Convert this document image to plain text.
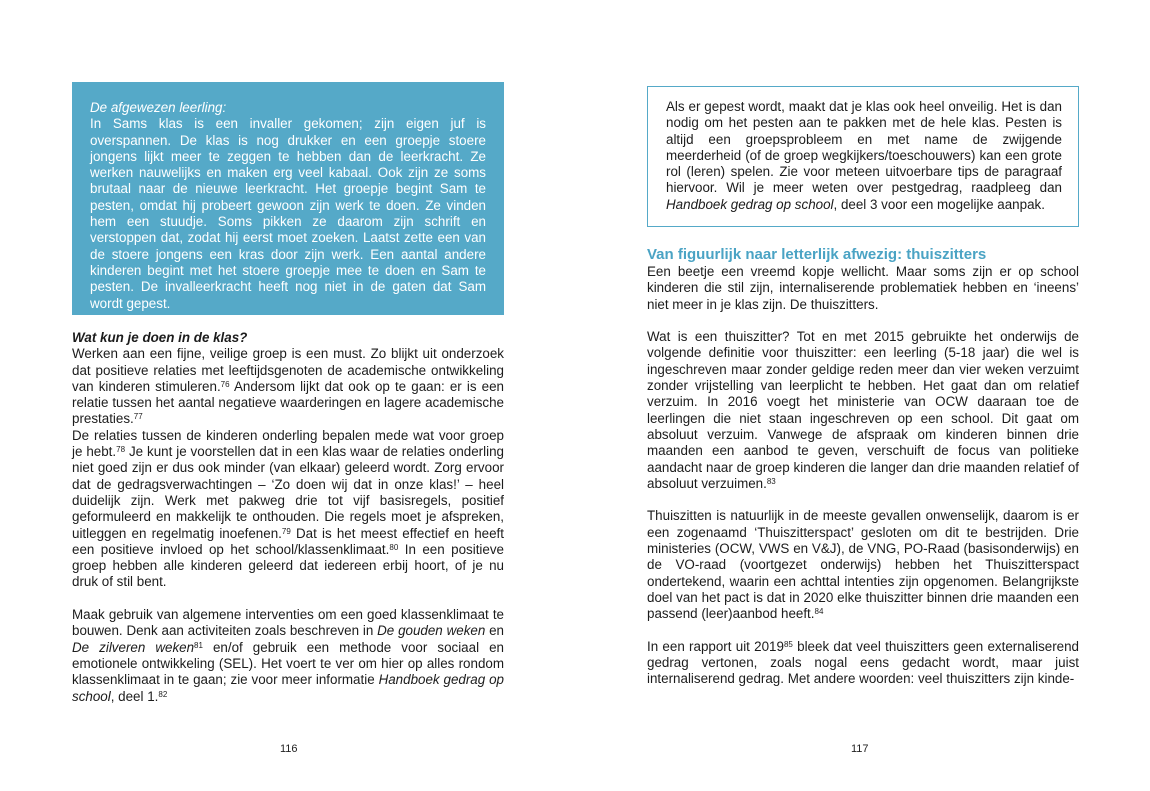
De afgewezen leerling:
In Sams klas is een invaller gekomen; zijn eigen juf is overspannen. De klas is nog drukker en een groepje stoere jongens lijkt meer te zeggen te hebben dan de leerkracht. Ze werken nauwelijks en maken erg veel kabaal. Ook zijn ze soms brutaal naar de nieuwe leerkracht. Het groepje begint Sam te pesten, omdat hij probeert gewoon zijn werk te doen. Ze vinden hem een stuudje. Soms pikken ze daarom zijn schrift en verstoppen dat, zodat hij eerst moet zoeken. Laatst zette een van de stoere jongens een kras door zijn werk. Een aantal andere kinderen begint met het stoere groepje mee te doen en Sam te pesten. De invalleerkracht heeft nog niet in de gaten dat Sam wordt gepest.
Wat kun je doen in de klas?

Werken aan een fijne, veilige groep is een must. Zo blijkt uit onderzoek dat positieve relaties met leeftijdsgenoten de academische ontwikkeling van kinderen stimuleren.$^{76}$ Andersom lijkt dat ook op te gaan: er is een relatie tussen het aantal negatieve waarderingen en lagere academische prestaties.$^{77}$

De relaties tussen de kinderen onderling bepalen mede wat voor groep je hebt.$^{78}$ Je kunt je voorstellen dat in een klas waar de relaties onderling niet goed zijn er dus ook minder (van elkaar) geleerd wordt. Zorg ervoor dat de gedragsverwachtingen – ‘Zo doen wij dat in onze klas!’ – heel duidelijk zijn. Werk met pakweg drie tot vijf basisregels, positief geformuleerd en makkelijk te onthouden. Die regels moet je afspreken, uitleggen en regelmatig inoefenen.$^{79}$ Dat is het meest effectief en heeft een positieve invloed op het school/klassenklimaat.$^{80}$ In een positieve groep hebben alle kinderen geleerd dat iedereen erbij hoort, of je nu druk of stil bent.

Maak gebruik van algemene interventies om een goed klassenklimaat te bouwen. Denk aan activiteiten zoals beschreven in De gouden weken en De zilveren weken$^{81}$ en/of gebruik een methode voor sociaal en emotionele ontwikkeling (SEL). Het voert te ver om hier op alles rondom klassenklimaat in te gaan; zie voor meer informatie Handboek gedrag op school, deel 1.82

116
Als er gepest wordt, maakt dat je klas ook heel onveilig. Het is dan nodig om het pesten aan te pakken met de hele klas. Pesten is altijd een groepsprobleem en met name de zwijgende meerderheid (of de groep wegkijkers/toeschouwers) kan een grote rol (leren) spelen. Zie voor meteen uitvoerbare tips de paragraaf hiervoor. Wil je meer weten over pestgedrag, raadpleeg dan Handboek gedrag op school, deel 3 voor een mogelijke aanpak.
Van figuurlijk naar letterlijk afwezig: thuiszitters

Een beetje een vreemd kopje wellicht. Maar soms zijn er op school kinderen die stil zijn, internaliserende problematiek hebben en ‘ineens’ niet meer in je klas zijn. De thuiszitters.

Wat is een thuiszitter? Tot en met 2015 gebruikte het onderwijs de volgende definitie voor thuiszitter: een leerling (5-18 jaar) die wel is ingeschreven maar zonder geldige reden meer dan vier weken verzuimt zonder vrijstelling van leerplicht te hebben. Het gaat dan om relatief verzuim. In 2016 voegt het ministerie van OCW daaraan toe de leerlingen die niet staan ingeschreven op een school. Dit gaat om absoluut verzuim. Vanwege de afspraak om kinderen binnen drie maanden een aanbod te geven, verschuift de focus van politieke aandacht naar de groep kinderen die langer dan drie maanden relatief of absoluut verzuimen.$^{83}$

Thuiszitten is natuurlijk in de meeste gevallen onwenselijk, daarom is er een zogenaamd ‘Thuiszitterspact’ gesloten om dit te bestrijden. Drie ministeries (OCW, VWS en V&J), de VNG, PO-Raad (basisonderwijs) en de VO-raad (voortgezet onderwijs) hebben het Thuiszitterspact ondertekend, waarin een achttal intenties zijn opgenomen. Belangrijkste doel van het pact is dat in 2020 elke thuiszitter binnen drie maanden een passend (leer)aanbod heeft.$^{84}$

In een rapport uit 2019$^{85}$ bleek dat veel thuiszitters geen externaliserend gedrag vertonen, zoals nogal eens gedacht wordt, maar juist internaliserend gedrag. Met andere woorden: veel thuiszitters zijn kinde-

117
